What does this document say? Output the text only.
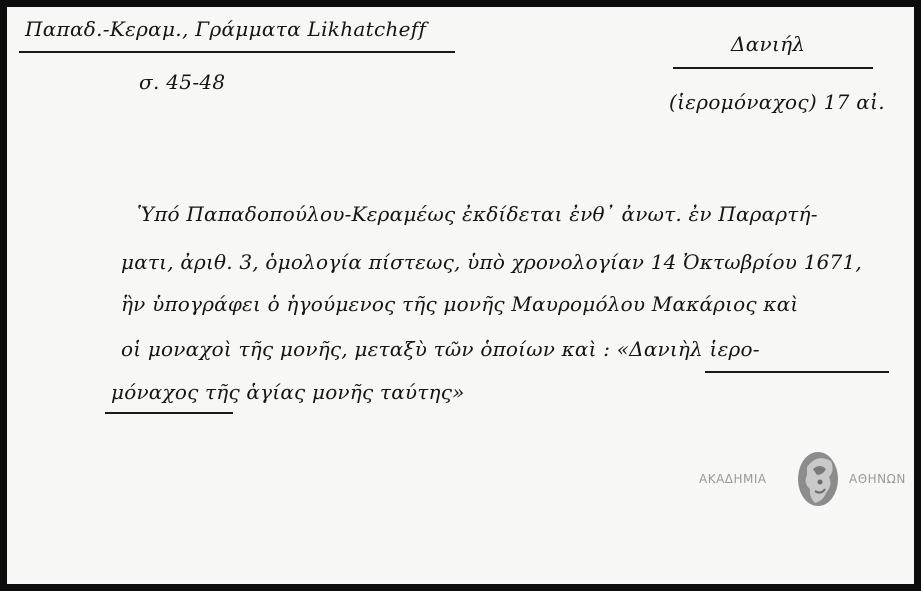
Παπαδ.-Κεραμ., Γράμματα Likhatcheff
σ. 45-48
Δανιήλ
(ἱερομόναχος) 17 αἰ.
Ὑπό Παπαδοπούλου-Κεραμέως ἐκδίδεται ἐνθ᾽ ἀνωτ. ἐν Παραρτή-
ματι, ἀριθ. 3, ὁμολογία πίστεως, ὑπὸ χρονολογίαν 14 Ὀκτωβρίου 1671,
ἣν ὑπογράφει ὁ ἡγούμενος τῆς μονῆς Μαυρομόλου Μακάριος καὶ
οἱ μοναχοὶ τῆς μονῆς, μεταξὺ τῶν ὁποίων καὶ : «Δανιὴλ ἱερο-
μόναχος τῆς ἁγίας μονῆς ταύτης»
ΑΚΑΔΗΜΙΑ	ΑΘΗΝΩΝ
